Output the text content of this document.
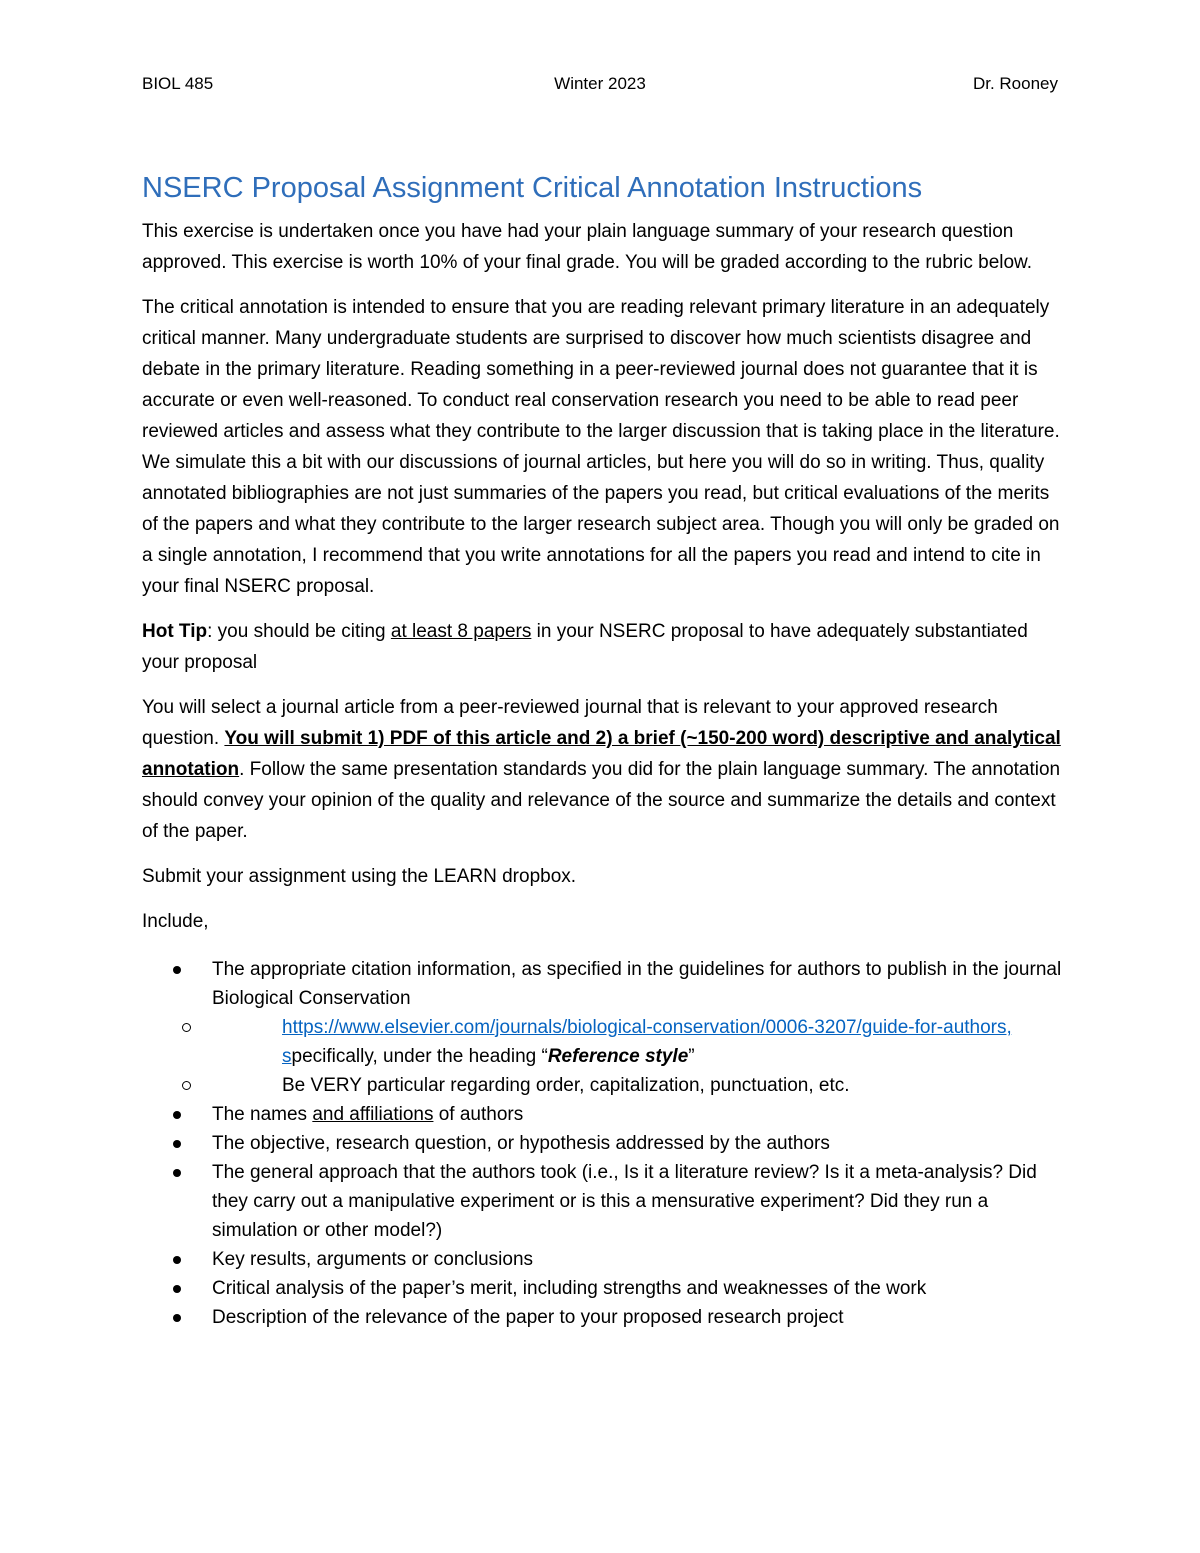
Winter 2023
BIOL 485	Dr. Rooney
NSERC Proposal Assignment Critical Annotation Instructions

This exercise is undertaken once you have had your plain language summary of your research question approved. This exercise is worth 10% of your final grade. You will be graded according to the rubric below.

The critical annotation is intended to ensure that you are reading relevant primary literature in an adequately critical manner. Many undergraduate students are surprised to discover how much scientists disagree and debate in the primary literature. Reading something in a peer-reviewed journal does not guarantee that it is accurate or even well-reasoned. To conduct real conservation research you need to be able to read peer reviewed articles and assess what they contribute to the larger discussion that is taking place in the literature. We simulate this a bit with our discussions of journal articles, but here you will do so in writing. Thus, quality annotated bibliographies are not just summaries of the papers you read, but critical evaluations of the merits of the papers and what they contribute to the larger research subject area. Though you will only be graded on a single annotation, I recommend that you write annotations for all the papers you read and intend to cite in your final NSERC proposal.

Hot Tip: you should be citing at least 8 papers in your NSERC proposal to have adequately substantiated your proposal

You will select a journal article from a peer-reviewed journal that is relevant to your approved research question. You will submit 1) PDF of this article and 2) a brief (~150-200 word) descriptive and analytical annotation. Follow the same presentation standards you did for the plain language summary. The annotation should convey your opinion of the quality and relevance of the source and summarize the details and context of the paper.

Submit your assignment using the LEARN dropbox.

Include,

The appropriate citation information, as specified in the guidelines for authors to publish in the journal Biological Conservation
https://www.elsevier.com/journals/biological-conservation/0006-3207/guide-for-authors, specifically, under the heading “Reference style”
Be VERY particular regarding order, capitalization, punctuation, etc.
The names and affiliations of authors
The objective, research question, or hypothesis addressed by the authors
The general approach that the authors took (i.e., Is it a literature review? Is it a meta-analysis? Did they carry out a manipulative experiment or is this a mensurative experiment? Did they run a simulation or other model?)
Key results, arguments or conclusions
Critical analysis of the paper’s merit, including strengths and weaknesses of the work
Description of the relevance of the paper to your proposed research project
